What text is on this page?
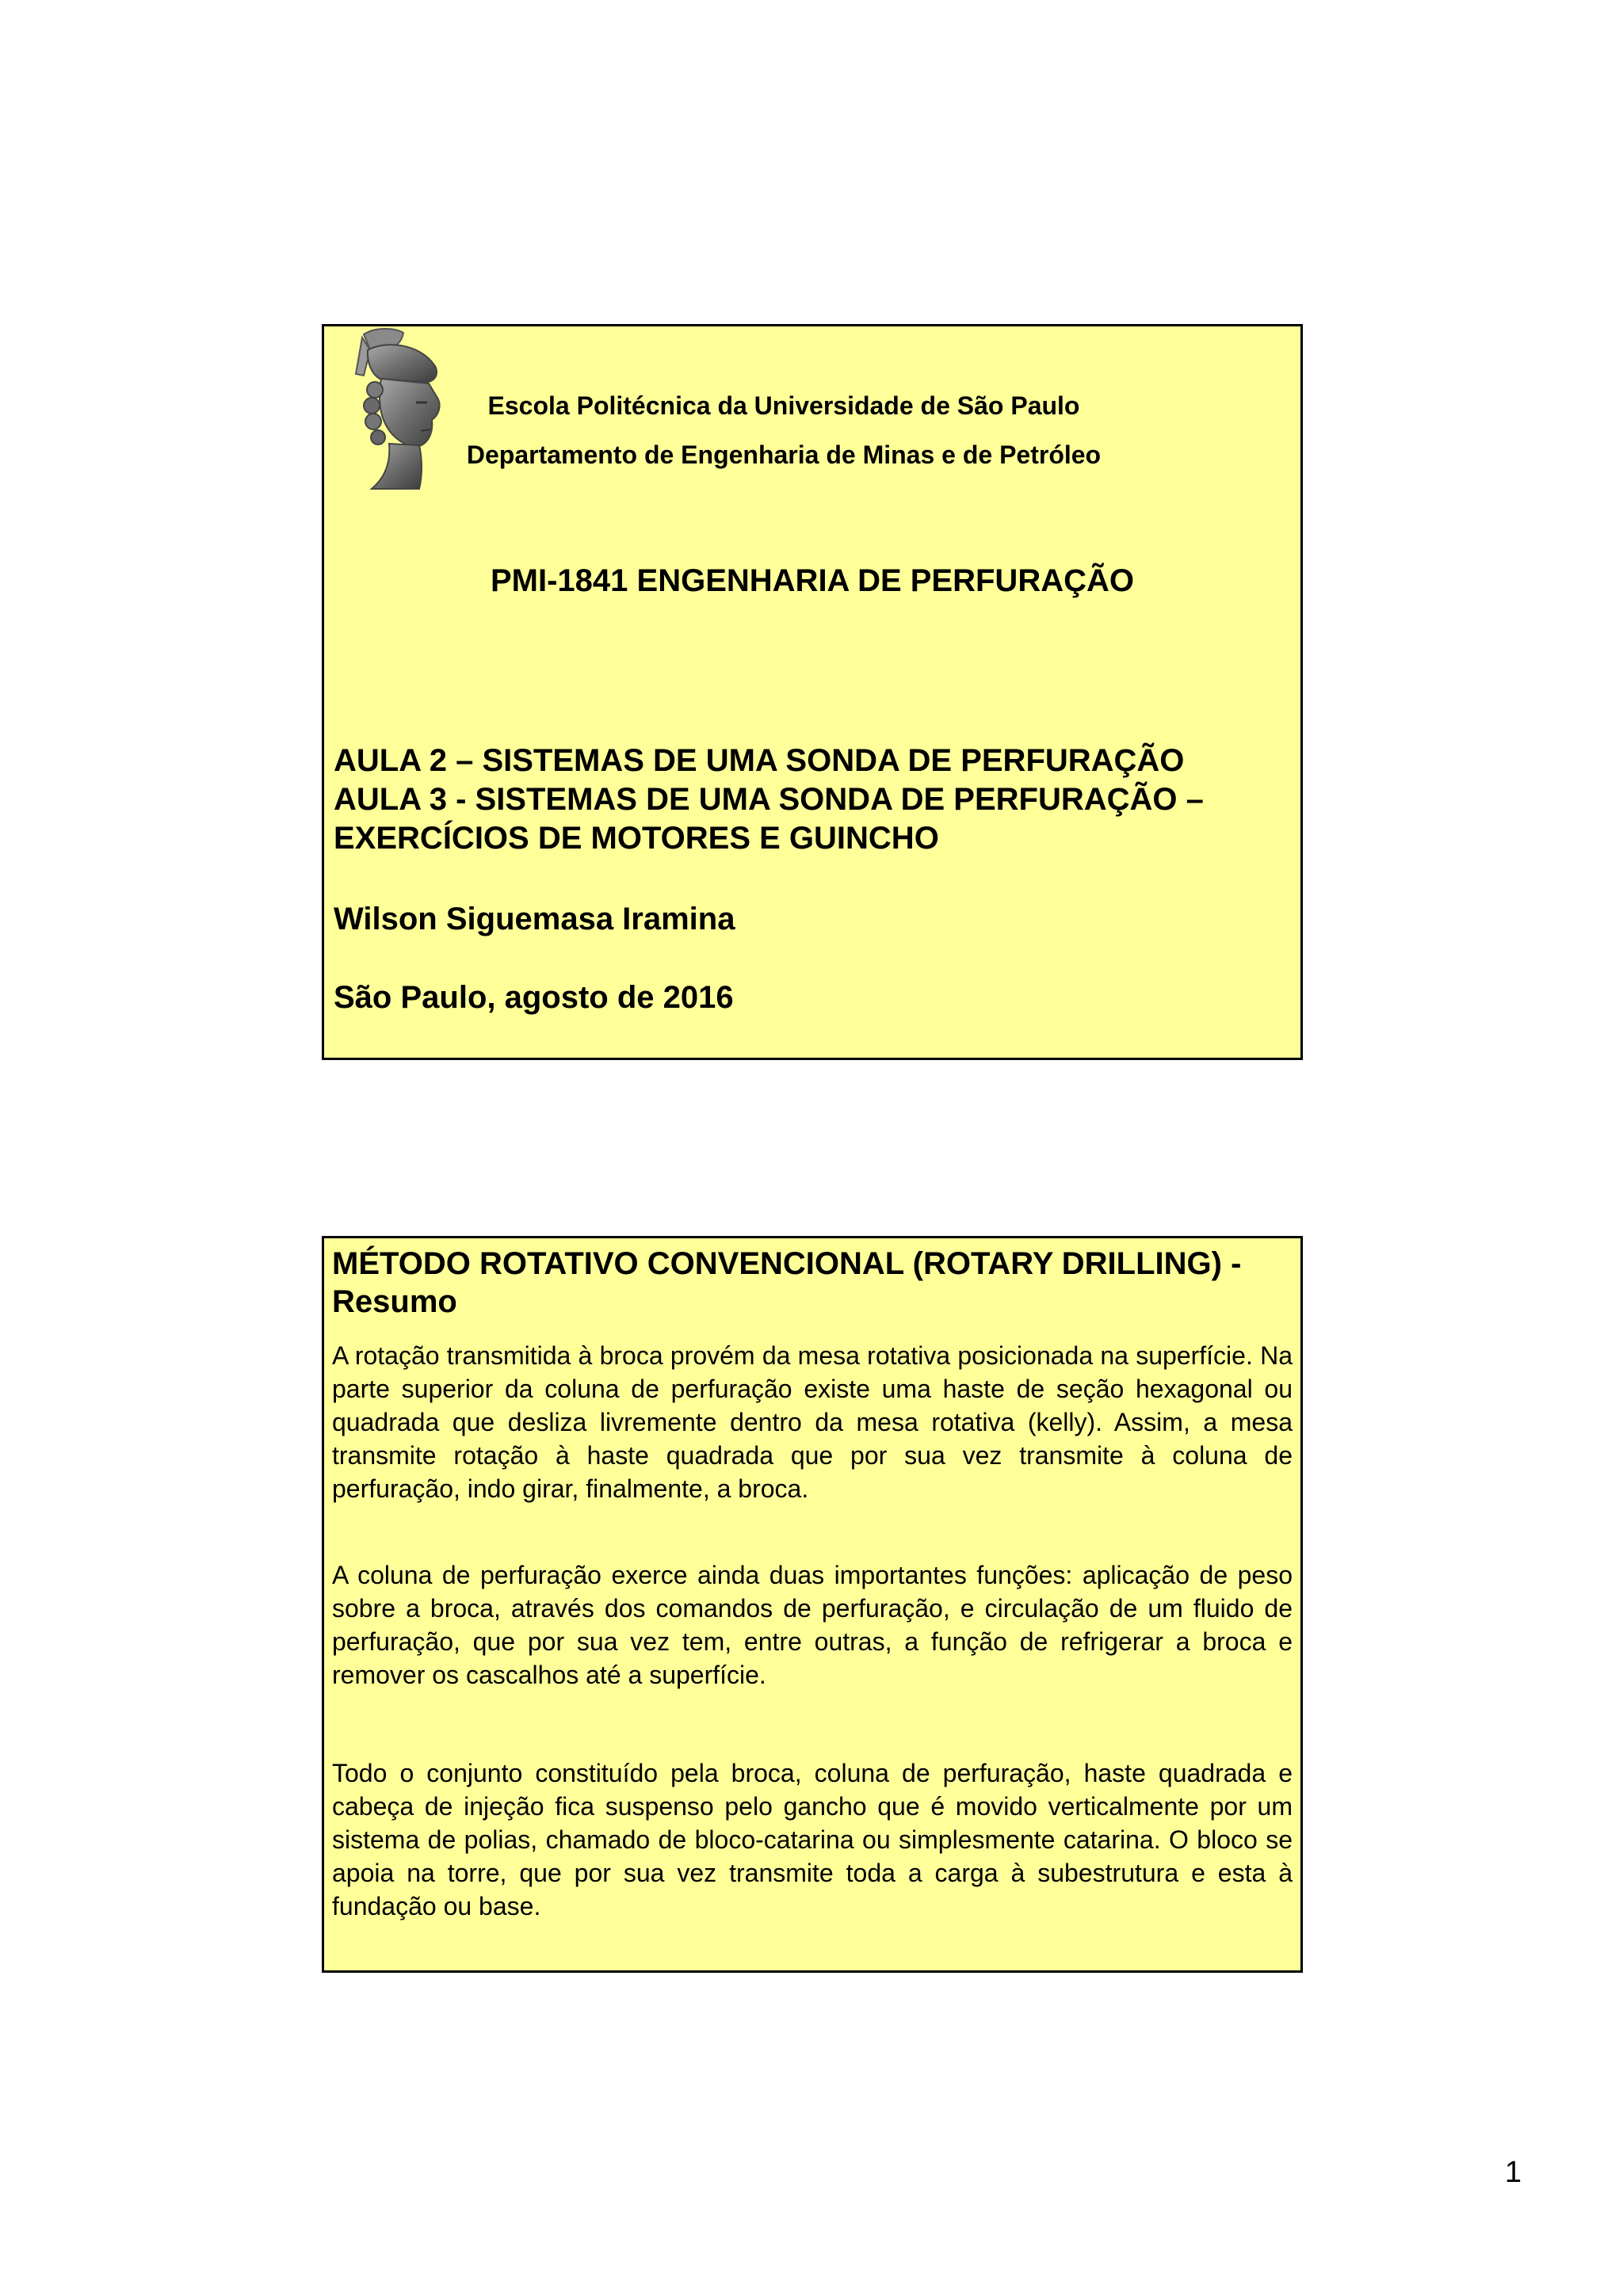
Escola Politécnica da Universidade de São Paulo
Departamento de Engenharia de Minas e de Petróleo
PMI-1841 ENGENHARIA DE PERFURAÇÃO
AULA 2 – SISTEMAS DE UMA SONDA DE PERFURAÇÃO
AULA 3 - SISTEMAS DE UMA SONDA DE PERFURAÇÃO –
EXERCÍCIOS DE MOTORES E GUINCHO
Wilson Siguemasa Iramina
São Paulo, agosto de 2016
MÉTODO ROTATIVO CONVENCIONAL (ROTARY DRILLING) - Resumo
A rotação transmitida à broca provém da mesa rotativa posicionada na superfície. Na parte superior da coluna de perfuração existe uma haste de seção hexagonal ou quadrada que desliza livremente dentro da mesa rotativa (kelly). Assim, a mesa transmite rotação à haste quadrada que por sua vez transmite à coluna de perfuração, indo girar, finalmente, a broca.
A coluna de perfuração exerce ainda duas importantes funções: aplicação de peso sobre a broca, através dos comandos de perfuração, e circulação de um fluido de perfuração, que por sua vez tem, entre outras, a função de refrigerar a broca e remover os cascalhos até a superfície.
Todo o conjunto constituído pela broca, coluna de perfuração, haste quadrada e cabeça de injeção fica suspenso pelo gancho que é movido verticalmente por um sistema de polias, chamado de bloco-catarina ou simplesmente catarina. O bloco se apoia na torre, que por sua vez transmite toda a carga à subestrutura e esta à fundação ou base.
1
